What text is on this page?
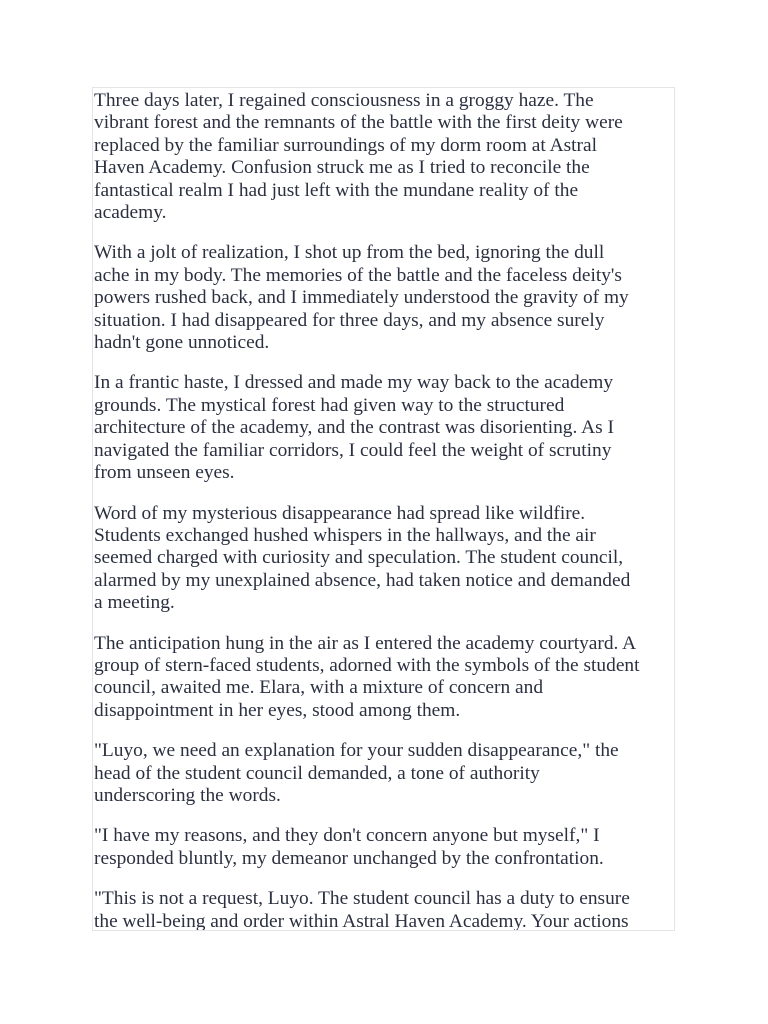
Three days later, I regained consciousness in a groggy haze. The
vibrant forest and the remnants of the battle with the first deity were
replaced by the familiar surroundings of my dorm room at Astral
Haven Academy. Confusion struck me as I tried to reconcile the
fantastical realm I had just left with the mundane reality of the
academy.

With a jolt of realization, I shot up from the bed, ignoring the dull
ache in my body. The memories of the battle and the faceless deity's
powers rushed back, and I immediately understood the gravity of my
situation. I had disappeared for three days, and my absence surely
hadn't gone unnoticed.

In a frantic haste, I dressed and made my way back to the academy
grounds. The mystical forest had given way to the structured
architecture of the academy, and the contrast was disorienting. As I
navigated the familiar corridors, I could feel the weight of scrutiny
from unseen eyes.

Word of my mysterious disappearance had spread like wildfire.
Students exchanged hushed whispers in the hallways, and the air
seemed charged with curiosity and speculation. The student council,
alarmed by my unexplained absence, had taken notice and demanded
a meeting.

The anticipation hung in the air as I entered the academy courtyard. A
group of stern-faced students, adorned with the symbols of the student
council, awaited me. Elara, with a mixture of concern and
disappointment in her eyes, stood among them.

"Luyo, we need an explanation for your sudden disappearance," the
head of the student council demanded, a tone of authority
underscoring the words.

"I have my reasons, and they don't concern anyone but myself," I
responded bluntly, my demeanor unchanged by the confrontation.

"This is not a request, Luyo. The student council has a duty to ensure
the well-being and order within Astral Haven Academy. Your actions
